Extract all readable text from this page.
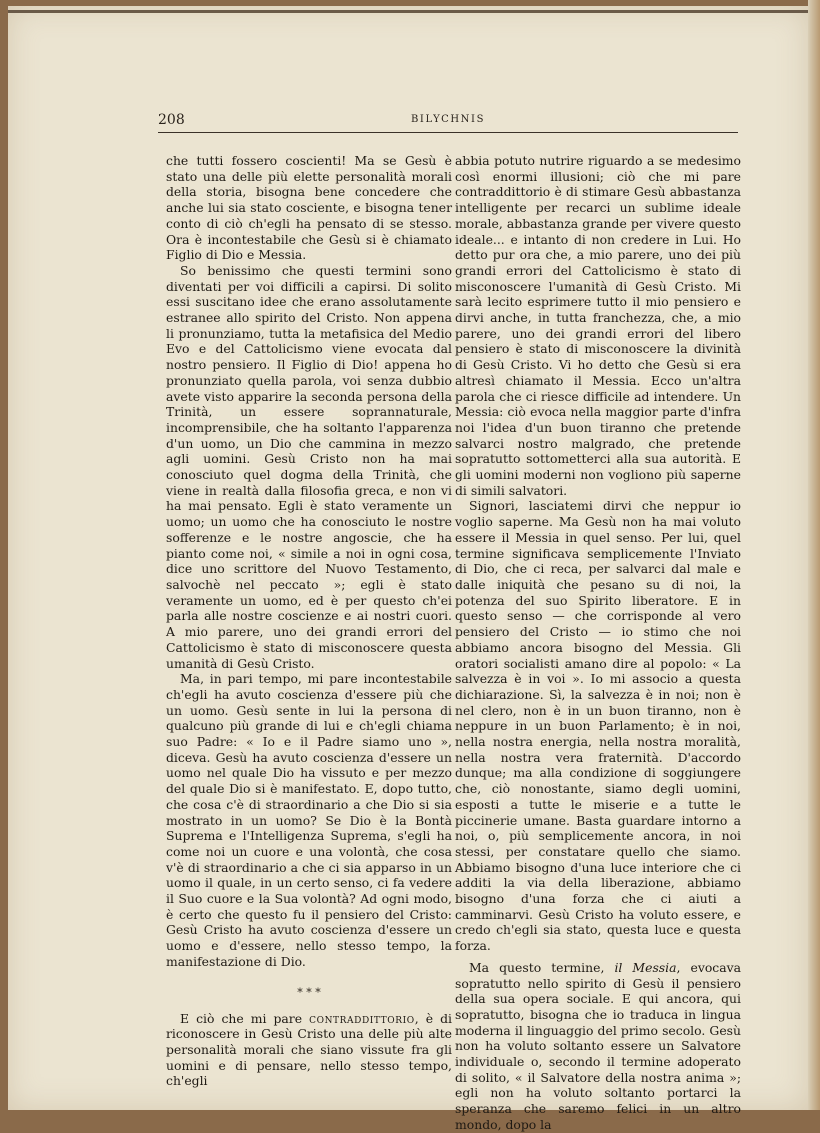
208	BILYCHNIS

che tutti fossero coscienti! Ma se Gesù è stato una delle più elette personalità morali della storia, bisogna bene concedere che anche lui sia stato cosciente, e bisogna tener conto di ciò ch'egli ha pensato di se stesso. Ora è incontestabile che Gesù si è chiamato Figlio di Dio e Messia.

So benissimo che questi termini sono diventati per voi difficili a capirsi. Di solito essi suscitano idee che erano assolutamente estranee allo spirito del Cristo. Non appena li pronunziamo, tutta la metafisica del Medio Evo e del Cattolicismo viene evocata dal nostro pensiero. Il Figlio di Dio! appena ho pronunziato quella parola, voi senza dubbio avete visto apparire la seconda persona della Trinità, un essere soprannaturale, incomprensibile, che ha soltanto l'apparenza d'un uomo, un Dio che cammina in mezzo agli uomini. Gesù Cristo non ha mai conosciuto quel dogma della Trinità, che viene in realtà dalla filosofia greca, e non vi ha mai pensato. Egli è stato veramente un uomo; un uomo che ha conosciuto le nostre sofferenze e le nostre angoscie, che ha pianto come noi, « simile a noi in ogni cosa, dice uno scrittore del Nuovo Testamento, salvochè nel peccato »; egli è stato veramente un uomo, ed è per questo ch'ei parla alle nostre coscienze e ai nostri cuori. A mio parere, uno dei grandi errori del Cattolicismo è stato di misconoscere questa umanità di Gesù Cristo.

Ma, in pari tempo, mi pare incontestabile ch'egli ha avuto coscienza d'essere più che un uomo. Gesù sente in lui la persona di qualcuno più grande di lui e ch'egli chiama suo Padre: « Io e il Padre siamo uno », diceva. Gesù ha avuto coscienza d'essere un uomo nel quale Dio ha vissuto e per mezzo del quale Dio si è manifestato. E, dopo tutto, che cosa c'è di straordinario a che Dio si sia mostrato in un uomo? Se Dio è la Bontà Suprema e l'Intelligenza Suprema, s'egli ha come noi un cuore e una volontà, che cosa v'è di straordinario a che ci sia apparso in un uomo il quale, in un certo senso, ci fa vedere il Suo cuore e la Sua volontà? Ad ogni modo, è certo che questo fu il pensiero del Cristo: Gesù Cristo ha avuto coscienza d'essere un uomo e d'essere, nello stesso tempo, la manifestazione di Dio.

* * *

E ciò che mi pare contraddittorio, è di riconoscere in Gesù Cristo una delle più alte personalità morali che siano vissute fra gli uomini e di pensare, nello stesso tempo, ch'egli

abbia potuto nutrire riguardo a se medesimo così enormi illusioni; ciò che mi pare contraddittorio è di stimare Gesù abbastanza intelligente per recarci un sublime ideale morale, abbastanza grande per vivere questo ideale... e intanto di non credere in Lui. Ho detto pur ora che, a mio parere, uno dei più grandi errori del Cattolicismo è stato di misconoscere l'umanità di Gesù Cristo. Mi sarà lecito esprimere tutto il mio pensiero e dirvi anche, in tutta franchezza, che, a mio parere, uno dei grandi errori del libero pensiero è stato di misconoscere la divinità di Gesù Cristo. Vi ho detto che Gesù si era altresì chiamato il Messia. Ecco un'altra parola che ci riesce difficile ad intendere. Un Messia: ciò evoca nella maggior parte d'infra noi l'idea d'un buon tiranno che pretende salvarci nostro malgrado, che pretende sopratutto sottometterci alla sua autorità. E gli uomini moderni non vogliono più saperne di simili salvatori.

Signori, lasciatemi dirvi che neppur io voglio saperne. Ma Gesù non ha mai voluto essere il Messia in quel senso. Per lui, quel termine significava semplicemente l'Inviato di Dio, che ci reca, per salvarci dal male e dalle iniquità che pesano su di noi, la potenza del suo Spirito liberatore. E in questo senso — che corrisponde al vero pensiero del Cristo — io stimo che noi abbiamo ancora bisogno del Messia. Gli oratori socialisti amano dire al popolo: « La salvezza è in voi ». Io mi associo a questa dichiarazione. Sì, la salvezza è in noi; non è nel clero, non è in un buon tiranno, non è neppure in un buon Parlamento; è in noi, nella nostra energia, nella nostra moralità, nella nostra vera fraternità. D'accordo dunque; ma alla condizione di soggiungere che, ciò nonostante, siamo degli uomini, esposti a tutte le miserie e a tutte le piccinerie umane. Basta guardare intorno a noi, o, più semplicemente ancora, in noi stessi, per constatare quello che siamo. Abbiamo bisogno d'una luce interiore che ci additi la via della liberazione, abbiamo bisogno d'una forza che ci aiuti a camminarvi. Gesù Cristo ha voluto essere, e credo ch'egli sia stato, questa luce e questa forza.

Ma questo termine, il Messia, evocava sopratutto nello spirito di Gesù il pensiero della sua opera sociale. E qui ancora, qui sopratutto, bisogna che io traduca in lingua moderna il linguaggio del primo secolo. Gesù non ha voluto soltanto essere un Salvatore individuale o, secondo il termine adoperato di solito, « il Salvatore della nostra anima »; egli non ha voluto soltanto portarci la speranza che saremo felici in un altro mondo, dopo la
